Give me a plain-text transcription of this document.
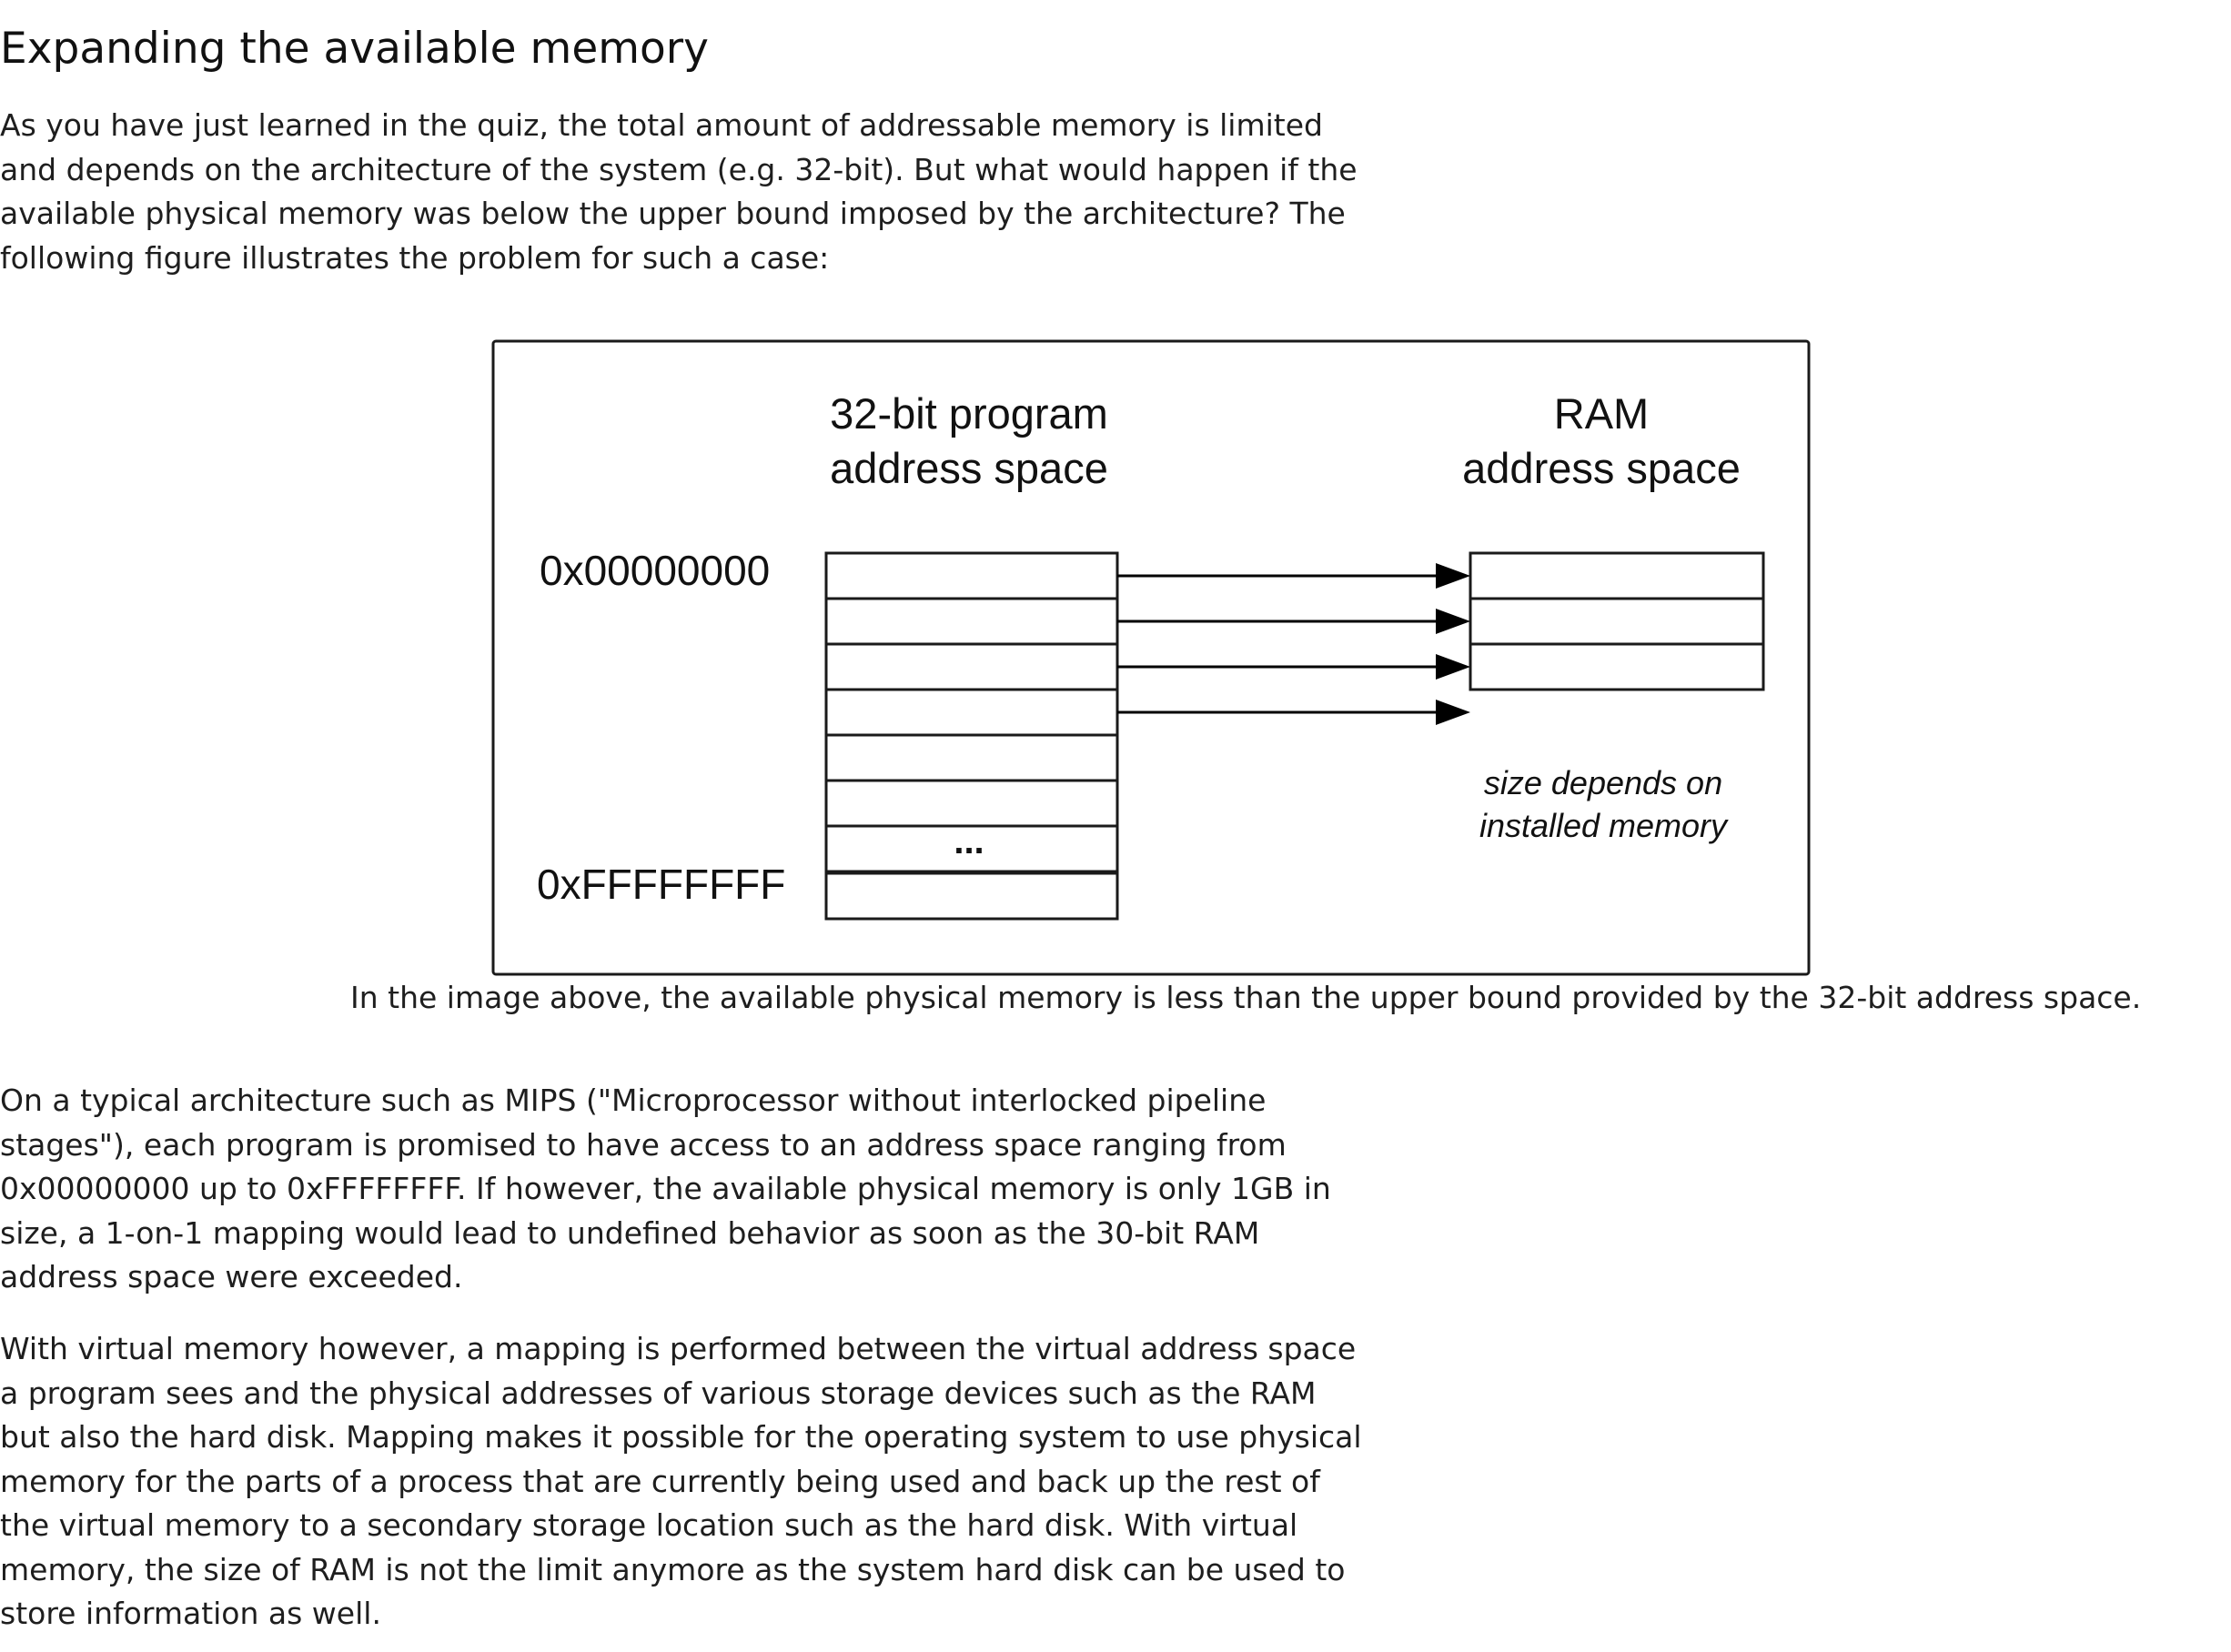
Expanding the available memory

As you have just learned in the quiz, the total amount of addressable memory is limited
and depends on the architecture of the system (e.g. 32-bit). But what would happen if the
available physical memory was below the upper bound imposed by the architecture? The
following figure illustrates the problem for such a case:

32-bit program
address space
RAM
address space
0x00000000
0xFFFFFFFF
...
size depends on
installed memory

In the image above, the available physical memory is less than the upper bound provided by the 32-bit address space.

On a typical architecture such as MIPS ("Microprocessor without interlocked pipeline
stages"), each program is promised to have access to an address space ranging from
0x00000000 up to 0xFFFFFFFF. If however, the available physical memory is only 1GB in
size, a 1-on-1 mapping would lead to undefined behavior as soon as the 30-bit RAM
address space were exceeded.

With virtual memory however, a mapping is performed between the virtual address space
a program sees and the physical addresses of various storage devices such as the RAM
but also the hard disk. Mapping makes it possible for the operating system to use physical
memory for the parts of a process that are currently being used and back up the rest of
the virtual memory to a secondary storage location such as the hard disk. With virtual
memory, the size of RAM is not the limit anymore as the system hard disk can be used to
store information as well.
